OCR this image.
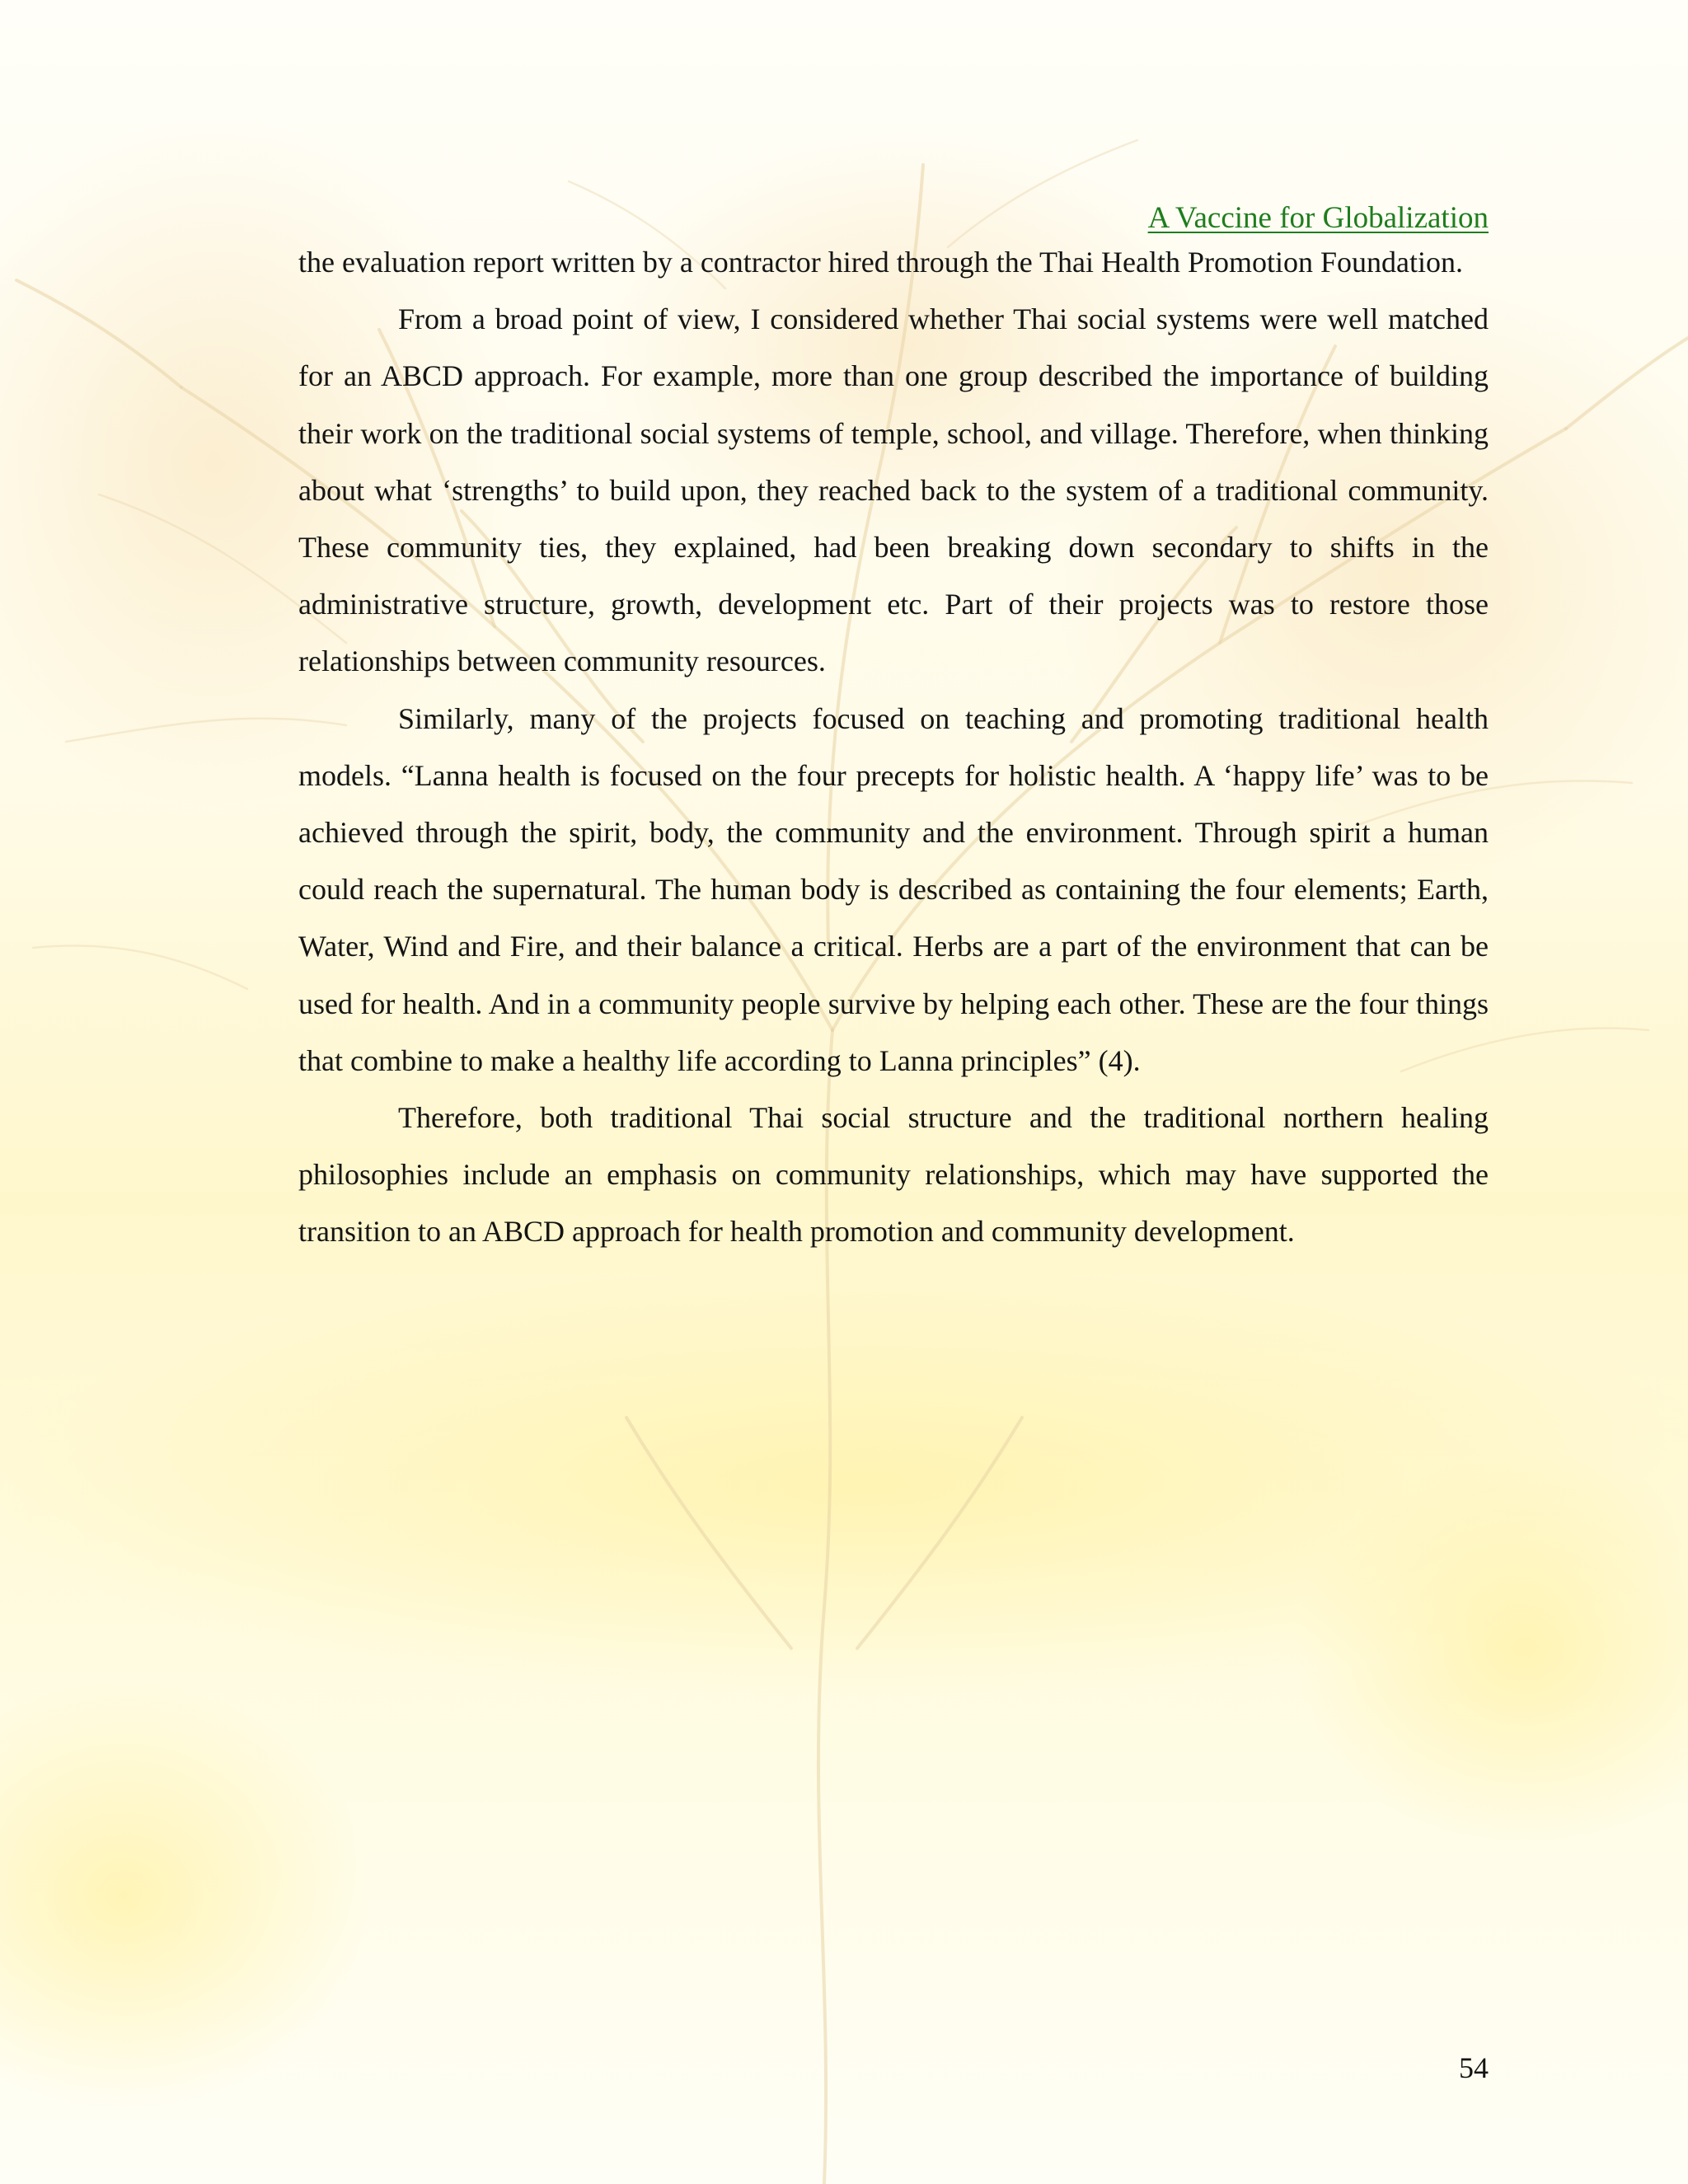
A Vaccine for Globalization

the evaluation report written by a contractor hired through the Thai Health Promotion Foundation.

From a broad point of view, I considered whether Thai social systems were well matched for an ABCD approach. For example, more than one group described the importance of building their work on the traditional social systems of temple, school, and village. Therefore, when thinking about what ‘strengths’ to build upon, they reached back to the system of a traditional community. These community ties, they explained, had been breaking down secondary to shifts in the administrative structure, growth, development etc. Part of their projects was to restore those relationships between community resources.

Similarly, many of the projects focused on teaching and promoting traditional health models. “Lanna health is focused on the four precepts for holistic health. A ‘happy life’ was to be achieved through the spirit, body, the community and the environment. Through spirit a human could reach the supernatural. The human body is described as containing the four elements; Earth, Water, Wind and Fire, and their balance a critical. Herbs are a part of the environment that can be used for health. And in a community people survive by helping each other. These are the four things that combine to make a healthy life according to Lanna principles” (4).

Therefore, both traditional Thai social structure and the traditional northern healing philosophies include an emphasis on community relationships, which may have supported the transition to an ABCD approach for health promotion and community development.

54
